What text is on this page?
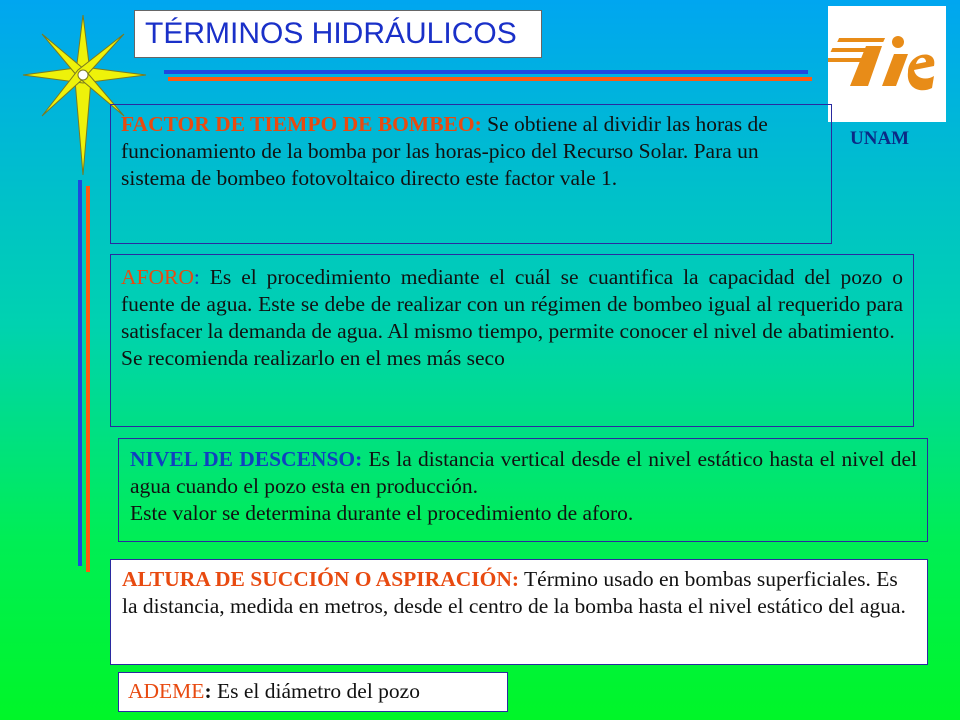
TÉRMINOS HIDRÁULICOS
UNAM
FACTOR DE TIEMPO DE BOMBEO: Se obtiene al dividir las horas de funcionamiento de la bomba por las horas-pico del Recurso Solar. Para un sistema de bombeo fotovoltaico directo este factor vale 1.
AFORO: Es el procedimiento mediante el cuál se cuantifica la capacidad del pozo o fuente de agua. Este se debe de realizar con un régimen de bombeo igual al requerido para satisfacer la demanda de agua. Al mismo tiempo, permite conocer el nivel de abatimiento.
Se recomienda realizarlo en el mes más seco
NIVEL DE DESCENSO: Es la distancia vertical desde el nivel estático hasta el nivel del agua cuando el pozo esta en producción.
Este valor se determina durante el procedimiento de aforo.
ALTURA DE SUCCIÓN O ASPIRACIÓN: Término usado en bombas superficiales. Es la distancia, medida en metros, desde el centro de la bomba hasta el nivel estático del agua.
ADEME: Es el diámetro del pozo
